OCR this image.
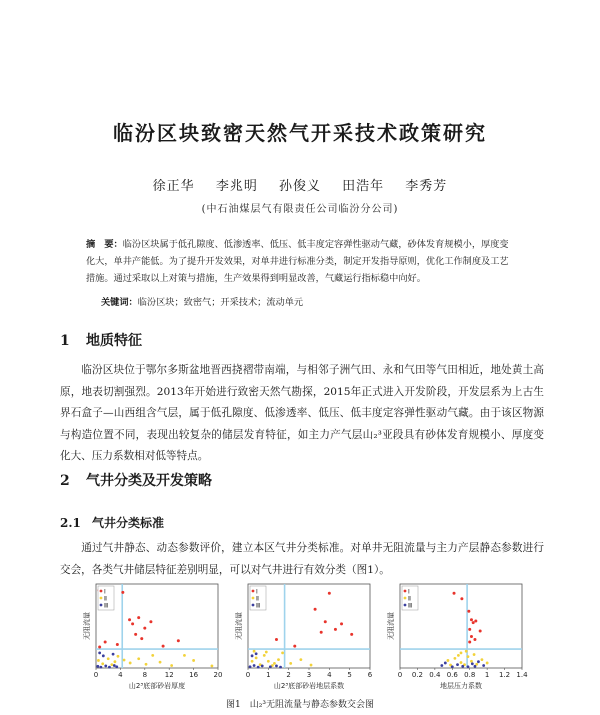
临汾区块致密天然气开采技术政策研究
徐正华 李兆明 孙俊义 田浩年 李秀芳
(中石油煤层气有限责任公司临汾分公司)
摘　要：临汾区块属于低孔隙度、低渗透率、低压、低丰度定容弹性驱动气藏，砂体发育规模小，厚度变化大，单井产能低。为了提升开发效果，对单井进行标准分类，制定开发指导原则，优化工作制度及工艺措施。通过采取以上对策与措施，生产效果得到明显改善，气藏运行指标稳中向好。
关键词：临汾区块；致密气；开采技术；流动单元
1 地质特征
临汾区块位于鄂尔多斯盆地晋西挠褶带南端，与相邻子洲气田、永和气田等气田相近，地处黄土高原，地表切割强烈。2013年开始进行致密天然气勘探，2015年正式进入开发阶段，开发层系为上古生界石盒子—山西组含气层，属于低孔隙度、低渗透率、低压、低丰度定容弹性驱动气藏。由于该区物源与构造位置不同，表现出较复杂的储层发育特征，如主力产气层山₂³亚段具有砂体发育规模小、厚度变化大、压力系数相对低等特点。
2 气井分类及开发策略
2.1 气井分类标准
通过气井静态、动态参数评价，建立本区气井分类标准。对单井无阻流量与主力产层静态参数进行交会，各类气井储层特征差别明显，可以对气井进行有效分类（图1）。
0	4	8	12 16 20
山2³底部砂岩厚度
无阻流量
Ⅰ
Ⅱ
Ⅲ
0 1 2 3 4 5 6
山2³底部砂岩地层系数
无阻流量
Ⅰ
Ⅱ
Ⅲ
0 0.2 0.4 0.6 0.8 1 1.2 1.4
地层压力系数
无阻流量
Ⅰ
Ⅱ
Ⅲ
图1　山₂³无阻流量与静态参数交会图
